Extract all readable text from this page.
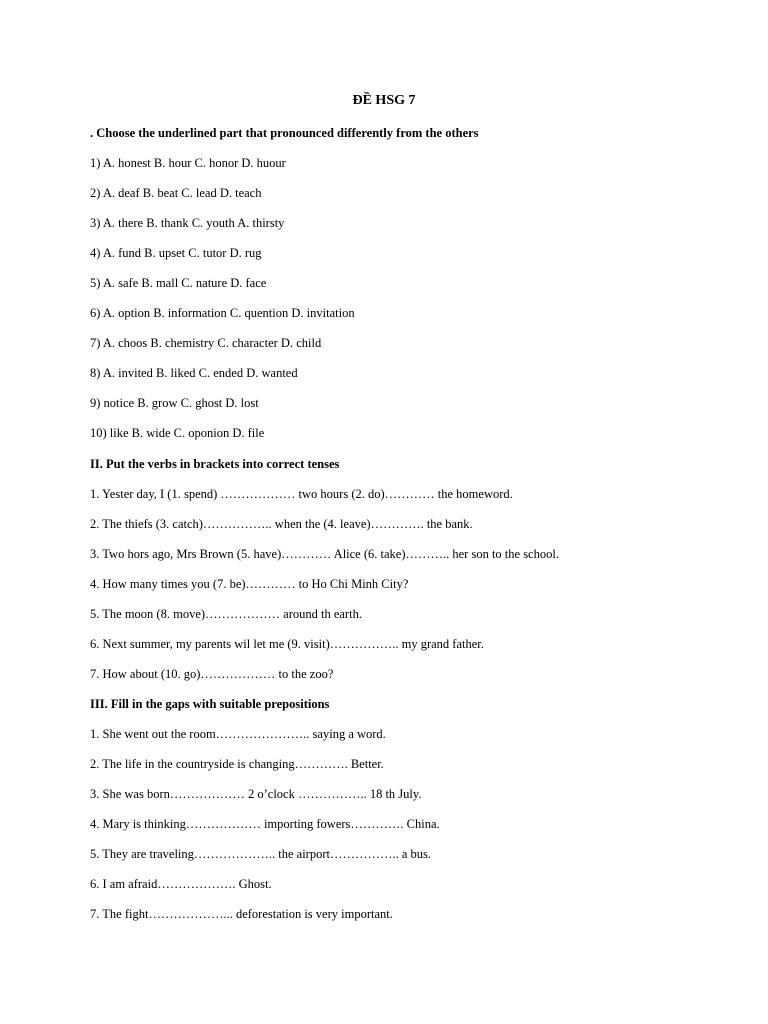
ĐỀ HSG 7
. Choose the underlined part that pronounced differently from the others
1) A. honest B. hour C. honor D. huour
2) A. deaf B. beat C. lead D. teach
3) A. there B. thank C. youth A. thirsty
4) A. fund B. upset C. tutor D. rug
5) A. safe B. mall C. nature D. face
6) A. option B. information C. quention D. invitation
7) A. choos B. chemistry C. character D. child
8) A. invited B. liked C. ended D. wanted
9) notice B. grow C. ghost D. lost
10) like B. wide C. oponion D. file
II. Put the verbs in brackets into correct tenses
1. Yester day, I (1. spend) ……………… two hours (2. do)………… the homeword.
2. The thiefs (3. catch)…………….. when the (4. leave)…………. the bank.
3. Two hors ago, Mrs Brown (5. have)………… Alice (6. take)……….. her son to the school.
4. How many times you (7. be)………… to Ho Chi Minh City?
5. The moon (8. move)……………… around th earth.
6. Next summer, my parents wil let me (9. visit)…………….. my grand father.
7. How about (10. go)……………… to the zoo?
III. Fill in the gaps with suitable prepositions
1. She went out the room………………….. saying a word.
2. The life in the countryside is changing…………. Better.
3. She was born……………… 2 o’clock …………….. 18 th July.
4. Mary is thinking……………… importing fowers…………. China.
5. They are traveling……………….. the airport…………….. a bus.
6. I am afraid………………. Ghost.
7. The fight………………... deforestation is very important.
